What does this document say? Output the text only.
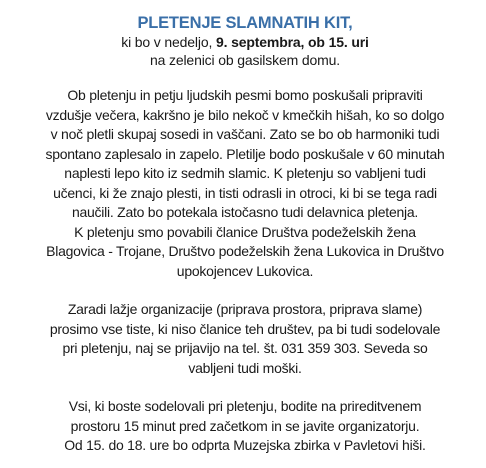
PLETENJE SLAMNATIH KIT,
ki bo v nedeljo, 9. septembra, ob 15. uri
na zelenici ob gasilskem domu.
Ob pletenju in petju ljudskih pesmi bomo poskušali pripraviti
vzdušje večera, kakršno je bilo nekoč v kmečkih hišah, ko so dolgo
v noč pletli skupaj sosedi in vaščani. Zato se bo ob harmoniki tudi
spontano zaplesalo in zapelo. Pletilje bodo poskušale v 60 minutah
naplesti lepo kito iz sedmih slamic. K pletenju so vabljeni tudi
učenci, ki že znajo plesti, in tisti odrasli in otroci, ki bi se tega radi
naučili. Zato bo potekala istočasno tudi delavnica pletenja.
K pletenju smo povabili članice Društva podeželskih žena
Blagovica - Trojane, Društvo podeželskih žena Lukovica in Društvo
upokojencev Lukovica.
Zaradi lažje organizacije (priprava prostora, priprava slame)
prosimo vse tiste, ki niso članice teh društev, pa bi tudi sodelovale
pri pletenju, naj se prijavijo na tel. št. 031 359 303. Seveda so
vabljeni tudi moški.
Vsi, ki boste sodelovali pri pletenju, bodite na prireditvenem
prostoru 15 minut pred začetkom in se javite organizatorju.
Od 15. do 18. ure bo odprta Muzejska zbirka v Pavletovi hiši.
